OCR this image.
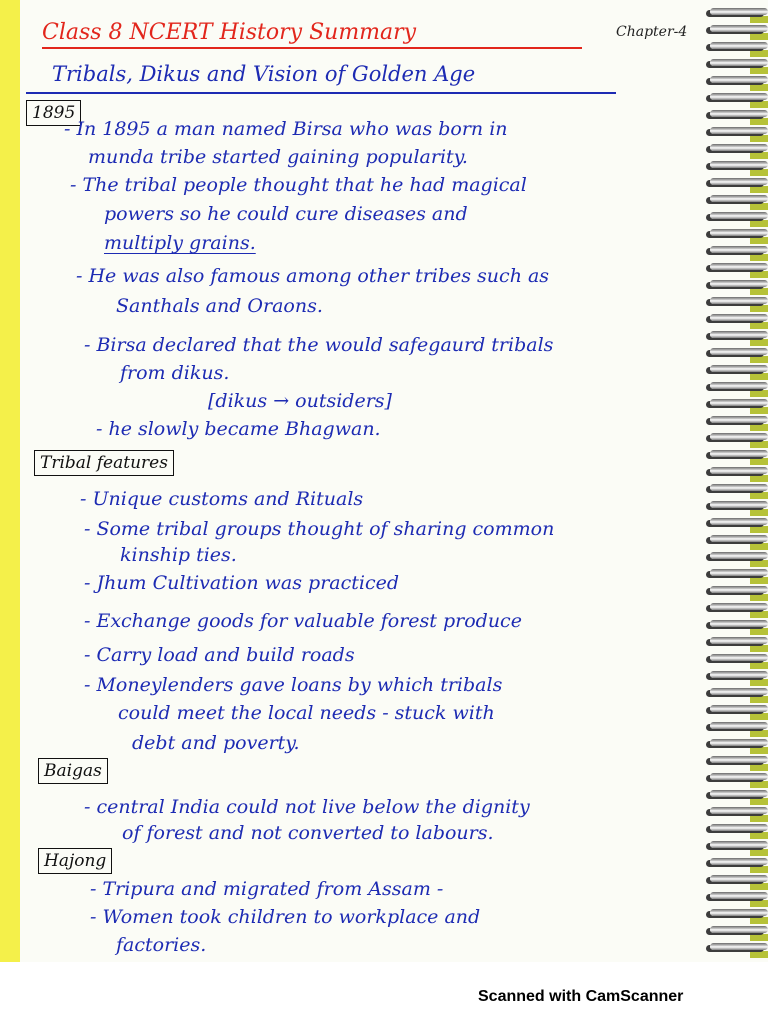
Class 8 NCERT History Summary	Chapter-4
Tribals, Dikus and Vision of Golden Age
1895
- In 1895 a man named Birsa who was born in
munda tribe started gaining popularity.
- The tribal people thought that he had magical
powers so he could cure diseases and
multiply grains.
- He was also famous among other tribes such as
Santhals and Oraons.
- Birsa declared that the would safegaurd tribals
from dikus.
[dikus → outsiders]
- he slowly became Bhagwan.
Tribal features
- Unique customs and Rituals
- Some tribal groups thought of sharing common
kinship ties.
- Jhum Cultivation was practiced
- Exchange goods for valuable forest produce
- Carry load and build roads
- Moneylenders gave loans by which tribals
could meet the local needs - stuck with
debt and poverty.
Baigas
- central India could not live below the dignity
of forest and not converted to labours.
Hajong
- Tripura and migrated from Assam -
- Women took children to workplace and
factories.
Scanned with CamScanner
